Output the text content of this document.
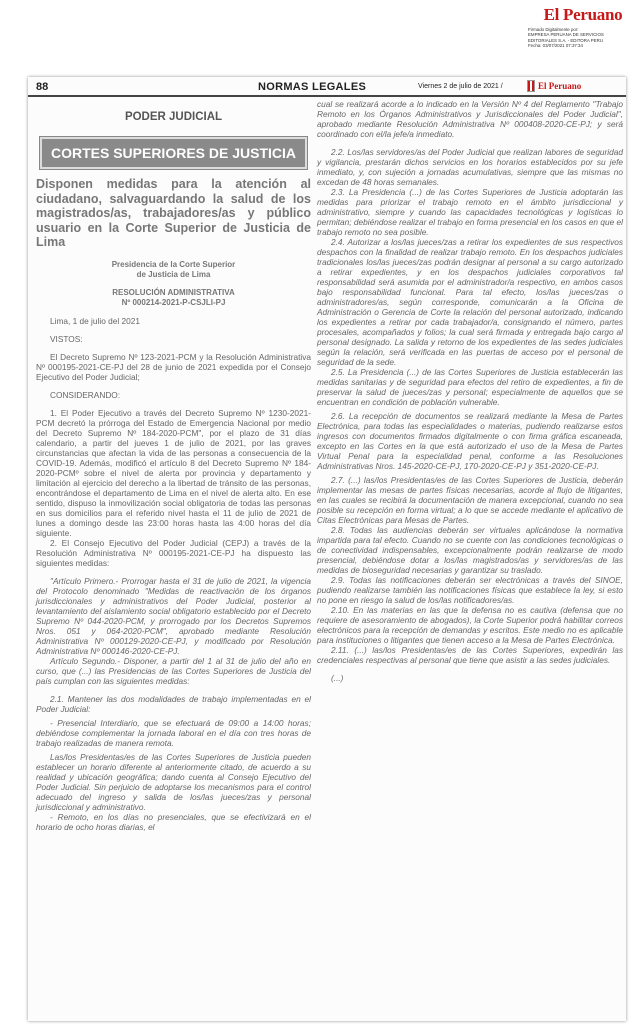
El Peruano
Firmado Digitalmente por:
EMPRESA PERUANA DE SERVICIOS
EDITORIALES S.A. - EDITORA PERU
Fecha: 03/07/2021 07:37:34
88	NORMAS LEGALES	Viernes 2 de julio de 2021 /	El Peruano
PODER JUDICIAL
CORTES SUPERIORES DE JUSTICIA
Disponen medidas para la atención al ciudadano, salvaguardando la salud de los magistrados/as, trabajadores/as y público usuario en la Corte Superior de Justicia de Lima
Presidencia de la Corte Superior
de Justicia de Lima
RESOLUCIÓN ADMINISTRATIVA
Nº 000214-2021-P-CSJLI-PJ

Lima, 1 de julio del 2021

VISTOS:

El Decreto Supremo Nº 123-2021-PCM y la Resolución Administrativa Nº 000195-2021-CE-PJ del 28 de junio de 2021 expedida por el Consejo Ejecutivo del Poder Judicial;

CONSIDERANDO:

1. El Poder Ejecutivo a través del Decreto Supremo Nº 1230-2021-PCM decretó la prórroga del Estado de Emergencia Nacional por medio del Decreto Supremo Nº 184-2020-PCM", por el plazo de 31 días calendario, a partir del jueves 1 de julio de 2021, por las graves circunstancias que afectan la vida de las personas a consecuencia de la COVID-19. Además, modificó el artículo 8 del Decreto Supremo Nº 184-2020-PCMº sobre el nivel de alerta por provincia y departamento y limitación al ejercicio del derecho a la libertad de tránsito de las personas, encontrándose el departamento de Lima en el nivel de alerta alto. En ese sentido, dispuso la inmovilización social obligatoria de todas las personas en sus domicilios para el referido nivel hasta el 11 de julio de 2021 de lunes a domingo desde las 23:00 horas hasta las 4:00 horas del día siguiente.

2. El Consejo Ejecutivo del Poder Judicial (CEPJ) a través de la Resolución Administrativa Nº 000195-2021-CE-PJ ha dispuesto las siguientes medidas:

"Artículo Primero.- Prorrogar hasta el 31 de julio de 2021, la vigencia del Protocolo denominado "Medidas de reactivación de los órganos jurisdiccionales y administrativos del Poder Judicial, posterior al levantamiento del aislamiento social obligatorio establecido por el Decreto Supremo Nº 044-2020-PCM, y prorrogado por los Decretos Supremos Nros. 051 y 064-2020-PCM", aprobado mediante Resolución Administrativa Nº 000129-2020-CE-PJ, y modificado por Resolución Administrativa Nº 000146-2020-CE-PJ.

Artículo Segundo.- Disponer, a partir del 1 al 31 de julio del año en curso, que (...) las Presidencias de las Cortes Superiores de Justicia del país cumplan con las siguientes medidas:

2.1. Mantener las dos modalidades de trabajo implementadas en el Poder Judicial:

- Presencial Interdiario, que se efectuará de 09:00 a 14:00 horas; debiéndose complementar la jornada laboral en el día con tres horas de trabajo realizadas de manera remota.

Las/los Presidentas/es de las Cortes Superiores de Justicia pueden establecer un horario diferente al anteriormente citado, de acuerdo a su realidad y ubicación geográfica; dando cuenta al Consejo Ejecutivo del Poder Judicial. Sin perjuicio de adoptarse los mecanismos para el control adecuado del ingreso y salida de los/las jueces/zas y personal jurisdiccional y administrativo.

- Remoto, en los días no presenciales, que se efectivizará en el horario de ocho horas diarias, el

cual se realizará acorde a lo indicado en la Versión Nº 4 del Reglamento "Trabajo Remoto en los Órganos Administrativos y Jurisdiccionales del Poder Judicial", aprobado mediante Resolución Administrativa Nº 000408-2020-CE-PJ; y será coordinado con el/la jefe/a inmediato.

2.2. Los/las servidores/as del Poder Judicial que realizan labores de seguridad y vigilancia, prestarán dichos servicios en los horarios establecidos por su jefe inmediato, y, con sujeción a jornadas acumulativas, siempre que las mismas no excedan de 48 horas semanales.

2.3. La Presidencia (...) de las Cortes Superiores de Justicia adoptarán las medidas para priorizar el trabajo remoto en el ámbito jurisdiccional y administrativo, siempre y cuando las capacidades tecnológicas y logísticas lo permitan; debiéndose realizar el trabajo en forma presencial en los casos en que el trabajo remoto no sea posible.

2.4. Autorizar a los/las jueces/zas a retirar los expedientes de sus respectivos despachos con la finalidad de realizar trabajo remoto. En los despachos judiciales tradicionales los/las jueces/zas podrán designar al personal a su cargo autorizado a retirar expedientes, y en los despachos judiciales corporativos tal responsabilidad será asumida por el administrador/a respectivo, en ambos casos bajo responsabilidad funcional. Para tal efecto, los/las jueces/zas o administradores/as, según corresponde, comunicarán a la Oficina de Administración o Gerencia de Corte la relación del personal autorizado, indicando los expedientes a retirar por cada trabajador/a, consignando el número, partes procesales, acompañados y folios; la cual será firmada y entregada bajo cargo al personal designado. La salida y retorno de los expedientes de las sedes judiciales según la relación, será verificada en las puertas de acceso por el personal de seguridad de la sede.

2.5. La Presidencia (...) de las Cortes Superiores de Justicia establecerán las medidas sanitarias y de seguridad para efectos del retiro de expedientes, a fin de preservar la salud de jueces/zas y personal; especialmente de aquellos que se encuentran en condición de población vulnerable.

2.6. La recepción de documentos se realizará mediante la Mesa de Partes Electrónica, para todas las especialidades o materias, pudiendo realizarse estos ingresos con documentos firmados digitalmente o con firma gráfica escaneada, excepto en las Cortes en la que está autorizado el uso de la Mesa de Partes Virtual Penal para la especialidad penal, conforme a las Resoluciones Administrativas Nros. 145-2020-CE-PJ, 170-2020-CE-PJ y 351-2020-CE-PJ.

2.7. (...) las/los Presidentas/es de las Cortes Superiores de Justicia, deberán implementar las mesas de partes físicas necesarias, acorde al flujo de litigantes, en las cuales se recibirá la documentación de manera excepcional, cuando no sea posible su recepción en forma virtual; a lo que se accede mediante el aplicativo de Citas Electrónicas para Mesas de Partes.

2.8. Todas las audiencias deberán ser virtuales aplicándose la normativa impartida para tal efecto. Cuando no se cuente con las condiciones tecnológicas o de conectividad indispensables, excepcionalmente podrán realizarse de modo presencial, debiéndose dotar a los/las magistrados/as y servidores/as de las medidas de bioseguridad necesarias y garantizar su traslado.

2.9. Todas las notificaciones deberán ser electrónicas a través del SINOE, pudiendo realizarse también las notificaciones físicas que establece la ley, si esto no pone en riesgo la salud de los/las notificadores/as.

2.10. En las materias en las que la defensa no es cautiva (defensa que no requiere de asesoramiento de abogados), la Corte Superior podrá habilitar correos electrónicos para la recepción de demandas y escritos. Este medio no es aplicable para instituciones o litigantes que tienen acceso a la Mesa de Partes Electrónica.

2.11. (...) las/los Presidentas/es de las Cortes Superiores, expedirán las credenciales respectivas al personal que tiene que asistir a las sedes judiciales.

(...)
